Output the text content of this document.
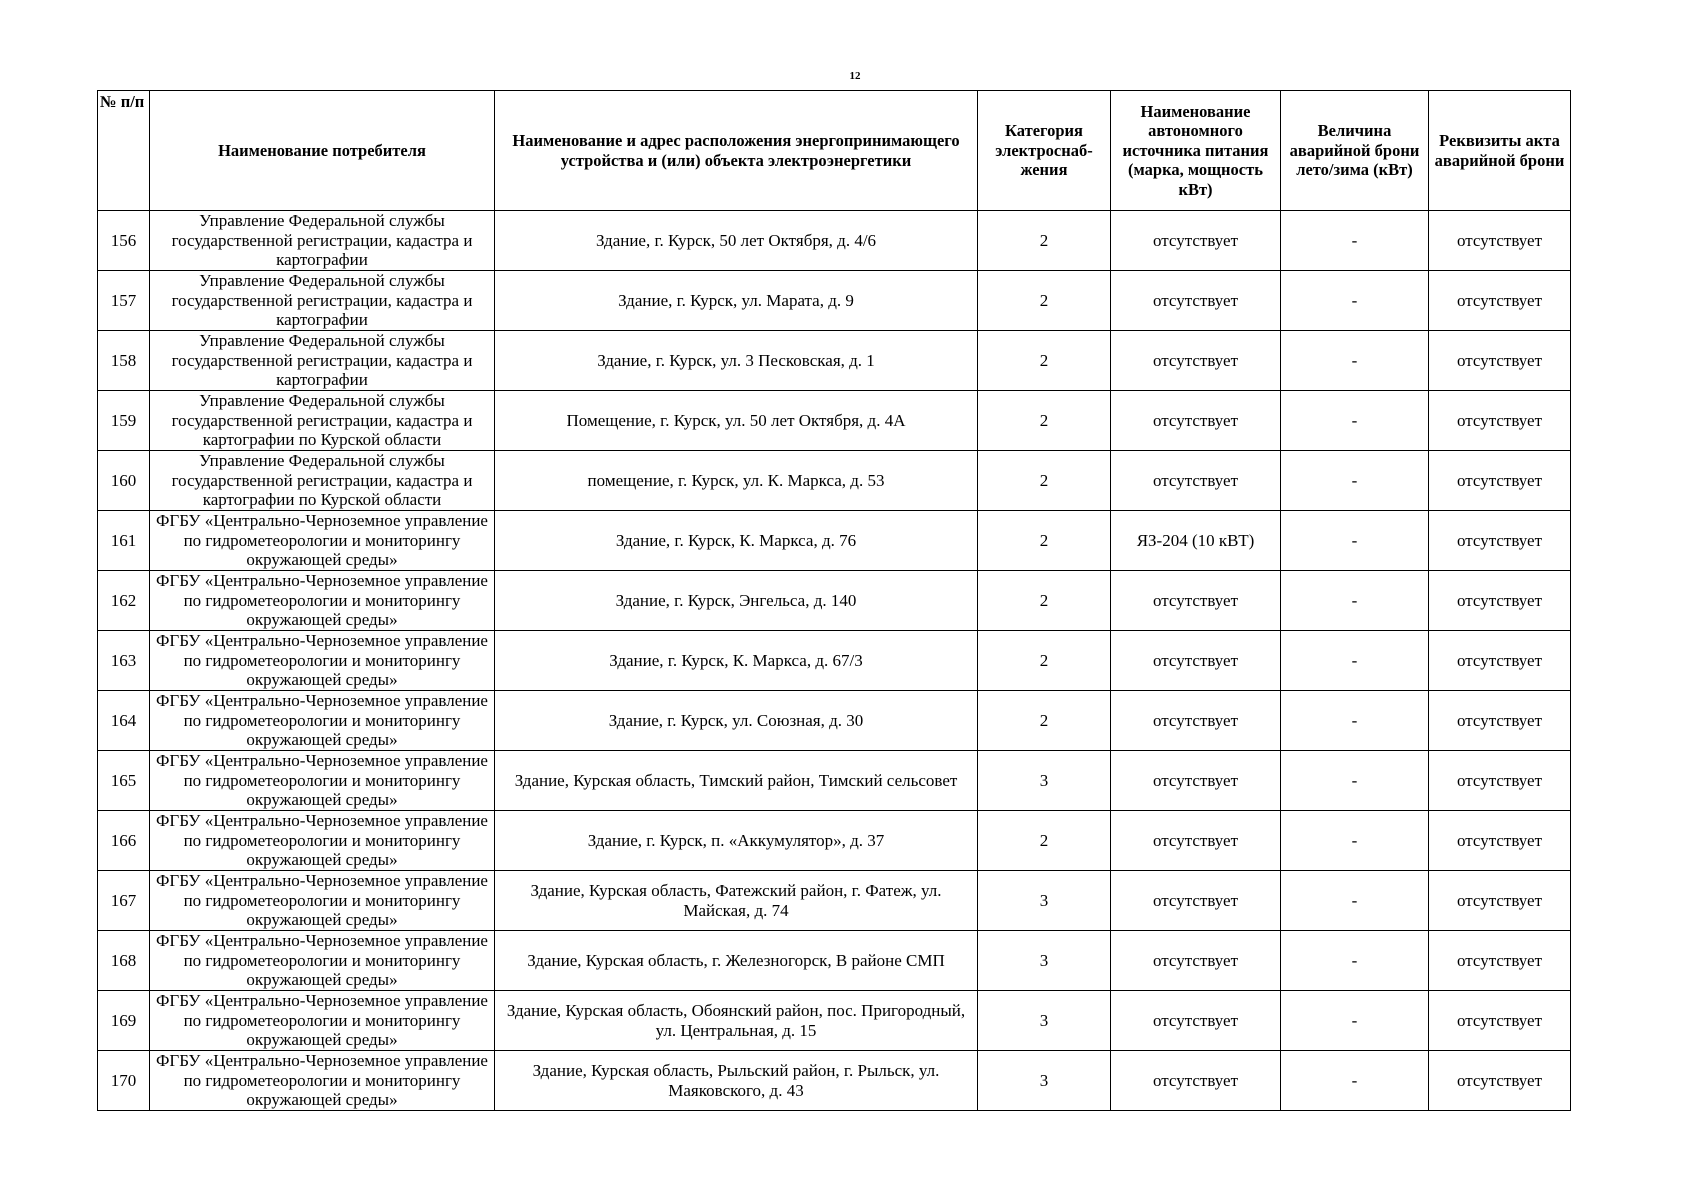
12
№ п/п	Наименование потребителя	Наименование и адрес расположения энергопринимающего устройства и (или) объекта электроэнергетики	Категория электроснаб- жения	Наименование автономного источника питания (марка, мощность кВт)	Величина аварийной брони лето/зима (кВт)	Реквизиты акта аварийной брони
156	Управление Федеральной службы государственной регистрации, кадастра и картографии	Здание, г. Курск, 50 лет Октября, д. 4/6	2	отсутствует	-	отсутствует
157	Управление Федеральной службы государственной регистрации, кадастра и картографии	Здание, г. Курск, ул. Марата, д. 9	2	отсутствует	-	отсутствует
158	Управление Федеральной службы государственной регистрации, кадастра и картографии	Здание, г. Курск, ул. 3 Песковская, д. 1	2	отсутствует	-	отсутствует
159	Управление Федеральной службы государственной регистрации, кадастра и картографии по Курской области	Помещение, г. Курск, ул. 50 лет Октября, д. 4А	2	отсутствует	-	отсутствует
160	Управление Федеральной службы государственной регистрации, кадастра и картографии по Курской области	помещение, г. Курск, ул. К. Маркса, д. 53	2	отсутствует	-	отсутствует
161	ФГБУ «Центрально-Черноземное управление по гидрометеорологии и мониторингу окружающей среды»	Здание, г. Курск, К. Маркса, д. 76	2	ЯЗ-204 (10 кВТ)	-	отсутствует
162	ФГБУ «Центрально-Черноземное управление по гидрометеорологии и мониторингу окружающей среды»	Здание, г. Курск, Энгельса, д. 140	2	отсутствует	-	отсутствует
163	ФГБУ «Центрально-Черноземное управление по гидрометеорологии и мониторингу окружающей среды»	Здание, г. Курск, К. Маркса, д. 67/3	2	отсутствует	-	отсутствует
164	ФГБУ «Центрально-Черноземное управление по гидрометеорологии и мониторингу окружающей среды»	Здание, г. Курск, ул. Союзная, д. 30	2	отсутствует	-	отсутствует
165	ФГБУ «Центрально-Черноземное управление по гидрометеорологии и мониторингу окружающей среды»	Здание, Курская область, Тимский район, Тимский сельсовет	3	отсутствует	-	отсутствует
166	ФГБУ «Центрально-Черноземное управление по гидрометеорологии и мониторингу окружающей среды»	Здание, г. Курск, п. «Аккумулятор», д. 37	2	отсутствует	-	отсутствует
167	ФГБУ «Центрально-Черноземное управление по гидрометеорологии и мониторингу окружающей среды»	Здание, Курская область, Фатежский район, г. Фатеж, ул. Майская, д. 74	3	отсутствует	-	отсутствует
168	ФГБУ «Центрально-Черноземное управление по гидрометеорологии и мониторингу окружающей среды»	Здание, Курская область, г. Железногорск, В районе СМП	3	отсутствует	-	отсутствует
169	ФГБУ «Центрально-Черноземное управление по гидрометеорологии и мониторингу окружающей среды»	Здание, Курская область, Обоянский район, пос. Пригородный, ул. Центральная, д. 15	3	отсутствует	-	отсутствует
170	ФГБУ «Центрально-Черноземное управление по гидрометеорологии и мониторингу окружающей среды»	Здание, Курская область, Рыльский район, г. Рыльск, ул. Маяковского, д. 43	3	отсутствует	-	отсутствует
